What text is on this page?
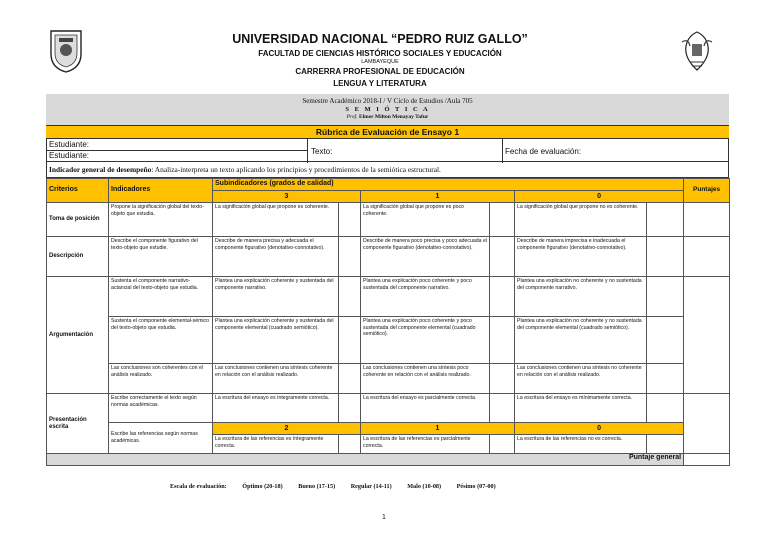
UNIVERSIDAD NACIONAL “PEDRO RUIZ GALLO”
FACULTAD DE CIENCIAS HISTÓRICO SOCIALES Y EDUCACIÓN
LAMBAYEQUE
CARRERRA PROFESIONAL DE EDUCACIÓN
LENGUA Y LITERATURA
Semestre Académico 2018-I / V Ciclo de Estudios /Aula 705
S E M I Ó T I C A
Prof. Elmer Milton Menayay Tafur
Rúbrica de Evaluación de Ensayo 1
Estudiante:
Estudiante:	Texto:	Fecha de evaluación:
Indicador general de desempeño: Analiza-interpreta un texto aplicando los principios y procedimientos de la semiótica estructural.
Criterios	Indicadores	Subindicadores (grados de calidad)						Puntajes
		3		1		0		
Toma de posición	Propone la significación global del texto-objeto que estudia.	La significación global que propone es coherente.		La significación global que propone es poco coherente.		La significación global que propone no es coherente.		
Descripción	Describe el componente figurativo del texto-objeto que estudie.	Describe de manera precisa y adecuada el componente figurativo (denotativo-connotativo).		Describe de manera poco precisa y poco adecuada el componente figurativo (denotativo-connotativo).		Describe de manera imprecisa e inadecuada el componente figurativo (denotativo-connotativo).		
Argumentación	Sustenta el componente narrativo-actancial del texto-objeto que estudia.	Plantea una explicación coherente y sustentada del componente narrativo.		Plantea una explicación poco coherente y poco sustentada del componente narrativo.		Plantea una explicación no coherente y no sustentada del componente narrativo.		
	Sustenta el componente elemental-sémico del texto-objeto que estudia.	Plantea una explicación coherente y sustentada del componente elemental (cuadrado semiótico).		Plantea una explicación poco coherente y poco sustentada del componente elemental (cuadrado semiótico).		Plantea una explicación no coherente y no sustentada del componente elemental (cuadrado semiótico).		
	Las conclusiones son coherentes con el análisis realizado.	Las conclusiones contienen una síntesis coherente en relación con el análisis realizado.		Las conclusiones contienen una síntesis poco coherente en relación con el análisis realizado.		Las conclusiones contienen una síntesis no coherente en relación con el análisis realizado.		
Presentación escrita	Escribe correctamente el texto según normas académicas.	La escritura del ensayo es íntegramente correcta.		La escritura del ensayo es parcialmente correcta.		La escritura del ensayo es mínimamente correcta.		
	Escribe las referencias según normas académicas.	2		1		0		
		La escritura de las referencias es íntegramente correcta.		La escritura de las referencias es parcialmente correcta.		La escritura de las referencias no es correcta.		
Puntaje general								
Escala de evaluación:	Óptimo (20-18)	Bueno (17-15)	Regular (14-11)	Malo (10-08)	Pésimo (07-00)
1
